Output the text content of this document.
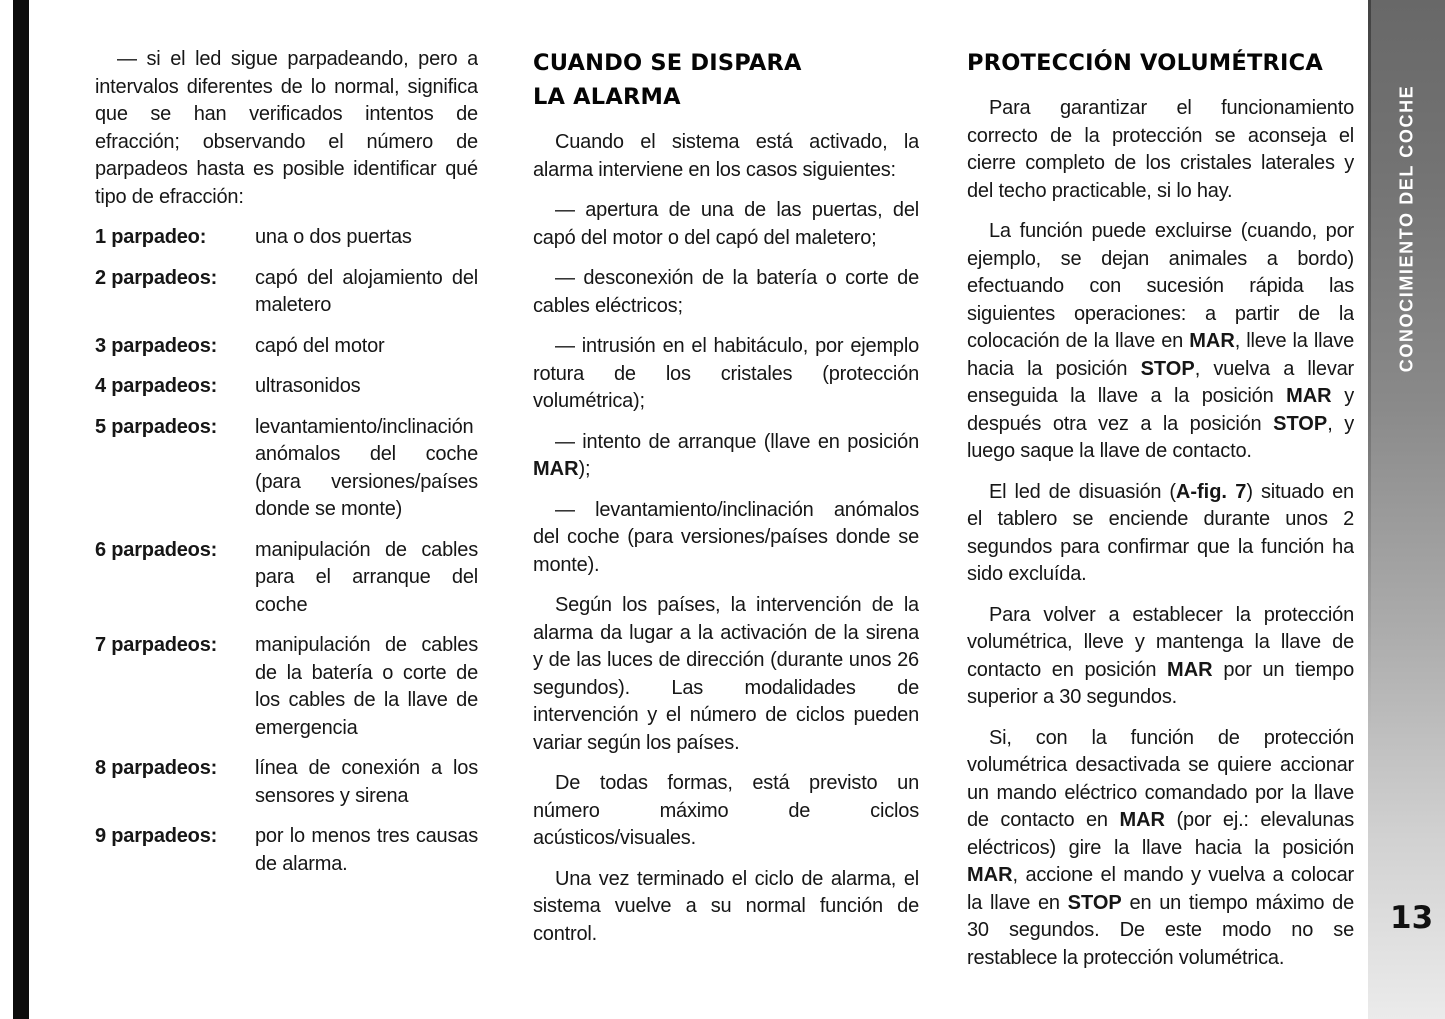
— si el led sigue parpadeando, pero a intervalos diferentes de lo normal, significa que se han verificados intentos de efracción; observando el número de parpadeos hasta es posible identificar qué tipo de efracción:

1 parpadeo:	una o dos puertas
2 parpadeos:	capó del alojamiento del maletero
3 parpadeos:	capó del motor
4 parpadeos:	ultrasonidos
5 parpadeos:	levantamiento/inclinación anómalos del coche (para versiones/países donde se monte)
6 parpadeos:	manipulación de cables para el arranque del coche
7 parpadeos:	manipulación de cables de la batería o corte de los cables de la llave de emergencia
8 parpadeos:	línea de conexión a los sensores y sirena
9 parpadeos:	por lo menos tres causas de alarma.
CUANDO SE DISPARA
LA ALARMA

Cuando el sistema está activado, la alarma interviene en los casos siguientes:

— apertura de una de las puertas, del capó del motor o del capó del maletero;

— desconexión de la batería o corte de cables eléctricos;

— intrusión en el habitáculo, por ejemplo rotura de los cristales (protección volumétrica);

— intento de arranque (llave en posición MAR);

— levantamiento/inclinación anómalos del coche (para versiones/países donde se monte).

Según los países, la intervención de la alarma da lugar a la activación de la sirena y de las luces de dirección (durante unos 26 segundos). Las modalidades de intervención y el número de ciclos pueden variar según los países.

De todas formas, está previsto un número máximo de ciclos acústicos/visuales.

Una vez terminado el ciclo de alarma, el sistema vuelve a su normal función de control.

PROTECCIÓN VOLUMÉTRICA

Para garantizar el funcionamiento correcto de la protección se aconseja el cierre completo de los cristales laterales y del techo practicable, si lo hay.

La función puede excluirse (cuando, por ejemplo, se dejan animales a bordo) efectuando con sucesión rápida las siguientes operaciones: a partir de la colocación de la llave en MAR, lleve la llave hacia la posición STOP, vuelva a llevar enseguida la llave a la posición MAR y después otra vez a la posición STOP, y luego saque la llave de contacto.

El led de disuasión (A-fig. 7) situado en el tablero se enciende durante unos 2 segundos para confirmar que la función ha sido excluída.

Para volver a establecer la protección volumétrica, lleve y mantenga la llave de contacto en posición MAR por un tiempo superior a 30 segundos.

Si, con la función de protección volumétrica desactivada se quiere accionar un mando eléctrico comandado por la llave de contacto en MAR (por ej.: elevalunas eléctricos) gire la llave hacia la posición MAR, accione el mando y vuelva a colocar la llave en STOP en un tiempo máximo de 30 segundos. De este modo no se restablece la protección volumétrica.

CONOCIMIENTO DEL COCHE
13
